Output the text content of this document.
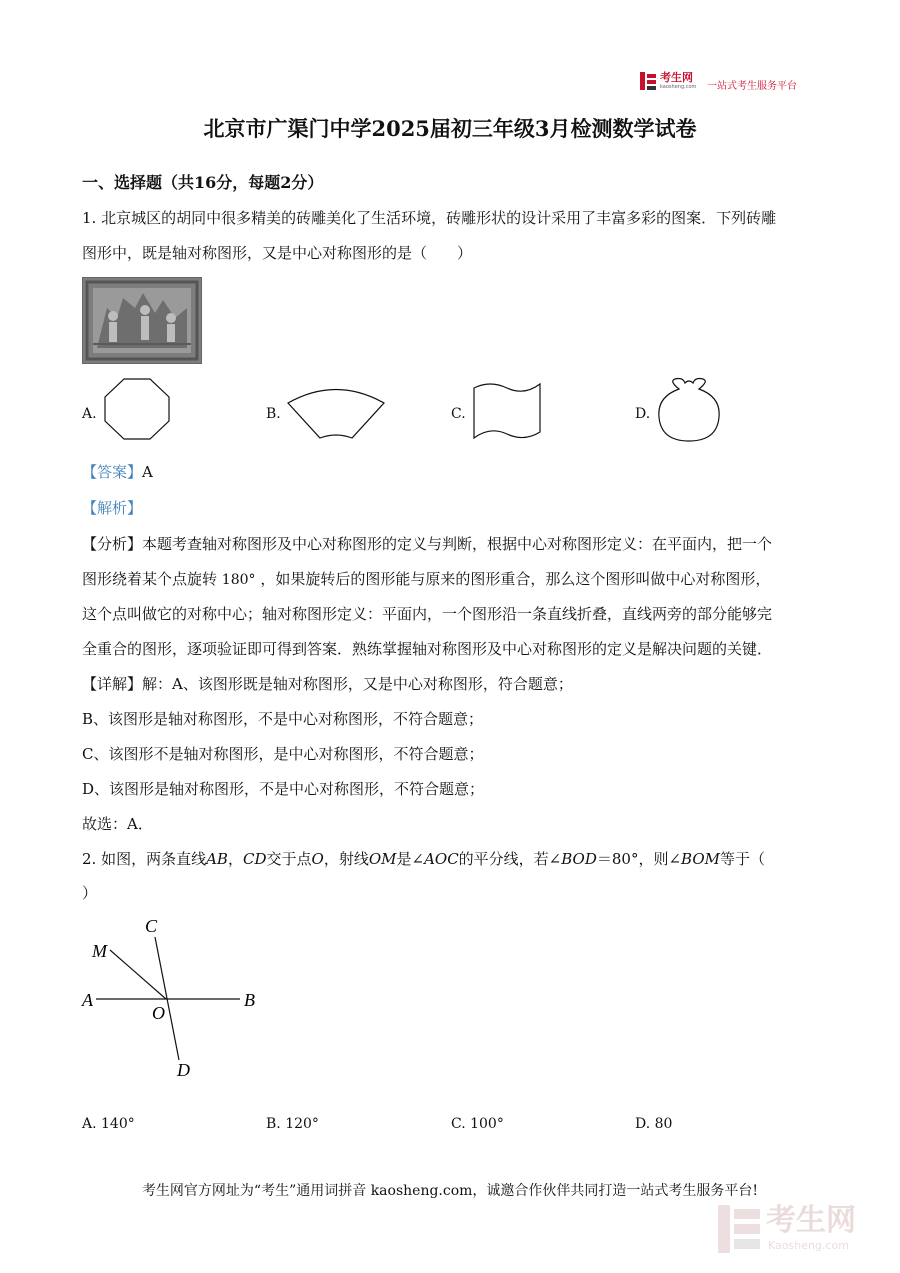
考生网
kaosheng.com 一站式考生服务平台
北京市广渠门中学2025届初三年级3月检测数学试卷
一、选择题（共16分，每题2分）
1. 北京城区的胡同中很多精美的砖雕美化了生活环境，砖雕形状的设计采用了丰富多彩的图案．下列砖雕
图形中，既是轴对称图形，又是中心对称图形的是（　　）
A.	B.	C.	D.
【答案】A
【解析】
【分析】本题考查轴对称图形及中心对称图形的定义与判断，根据中心对称图形定义：在平面内，把一个
图形绕着某个点旋转 180° ，如果旋转后的图形能与原来的图形重合，那么这个图形叫做中心对称图形，
这个点叫做它的对称中心；轴对称图形定义：平面内，一个图形沿一条直线折叠，直线两旁的部分能够完
全重合的图形，逐项验证即可得到答案．熟练掌握轴对称图形及中心对称图形的定义是解决问题的关键．
【详解】解：A、该图形既是轴对称图形，又是中心对称图形，符合题意；
B、该图形是轴对称图形，不是中心对称图形，不符合题意；
C、该图形不是轴对称图形，是中心对称图形，不符合题意；
D、该图形是轴对称图形，不是中心对称图形，不符合题意；
故选：A．
2. 如图，两条直线AB，CD交于点O，射线OM是∠AOC的平分线，若∠BOD＝80°，则∠BOM等于（
）
C
M
A	B
O
D
A. 140°	B. 120°	C. 100°	D. 80
考生网官方网址为“考生”通用词拼音 kaosheng.com，诚邀合作伙伴共同打造一站式考生服务平台!
考生网
Kaosheng.com
